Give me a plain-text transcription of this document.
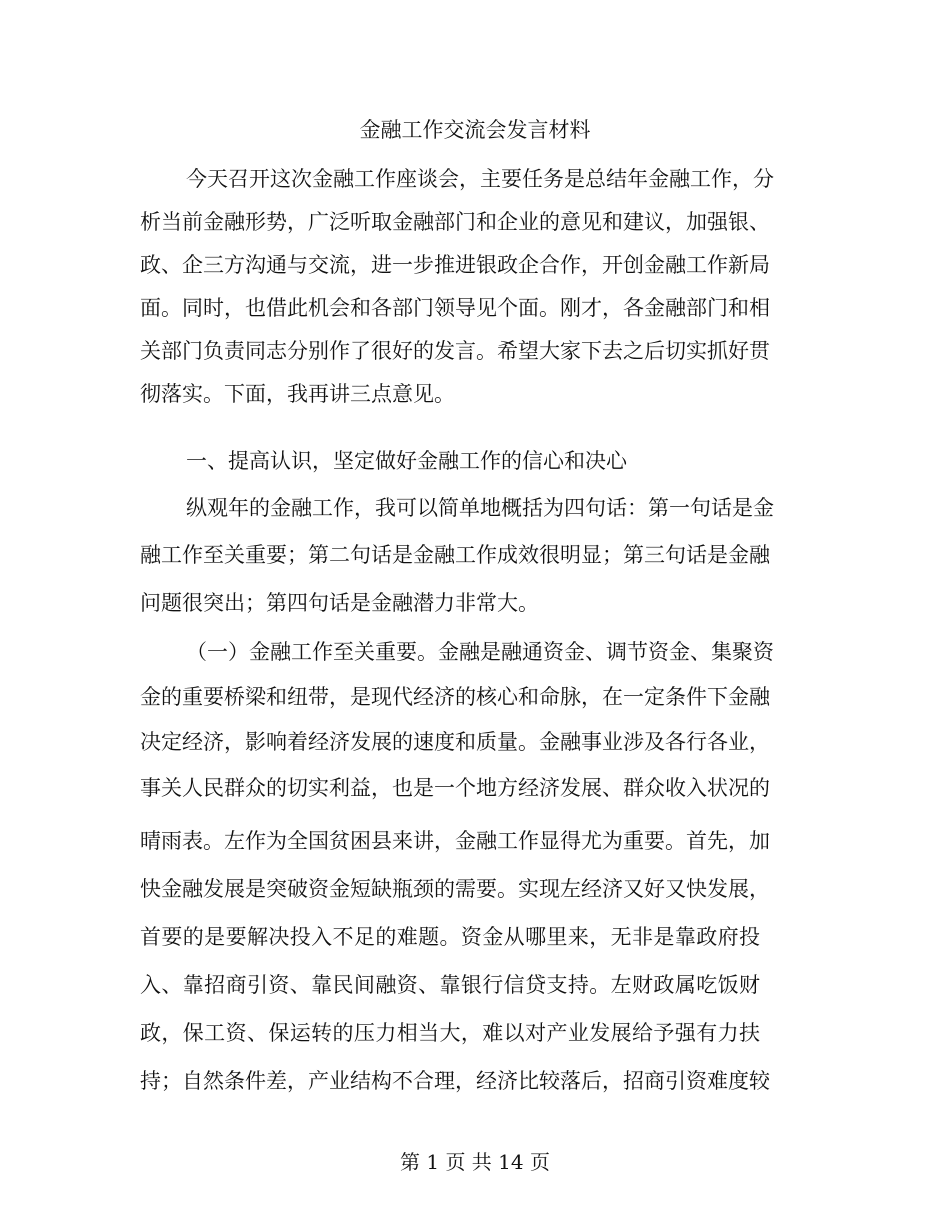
金融工作交流会发言材料
今天召开这次金融工作座谈会，主要任务是总结年金融工作，分
析当前金融形势，广泛听取金融部门和企业的意见和建议，加强银、
政、企三方沟通与交流，进一步推进银政企合作，开创金融工作新局
面。同时，也借此机会和各部门领导见个面。刚才，各金融部门和相
关部门负责同志分别作了很好的发言。希望大家下去之后切实抓好贯
彻落实。下面，我再讲三点意见。
一、提高认识，坚定做好金融工作的信心和决心
纵观年的金融工作，我可以简单地概括为四句话：第一句话是金
融工作至关重要；第二句话是金融工作成效很明显；第三句话是金融
问题很突出；第四句话是金融潜力非常大。
（一）金融工作至关重要。金融是融通资金、调节资金、集聚资
金的重要桥梁和纽带，是现代经济的核心和命脉，在一定条件下金融
决定经济，影响着经济发展的速度和质量。金融事业涉及各行各业，
事关人民群众的切实利益，也是一个地方经济发展、群众收入状况的
晴雨表。左作为全国贫困县来讲，金融工作显得尤为重要。首先，加
快金融发展是突破资金短缺瓶颈的需要。实现左经济又好又快发展，
首要的是要解决投入不足的难题。资金从哪里来，无非是靠政府投
入、靠招商引资、靠民间融资、靠银行信贷支持。左财政属吃饭财
政，保工资、保运转的压力相当大，难以对产业发展给予强有力扶
持；自然条件差，产业结构不合理，经济比较落后，招商引资难度较
第 1 页 共 14 页
